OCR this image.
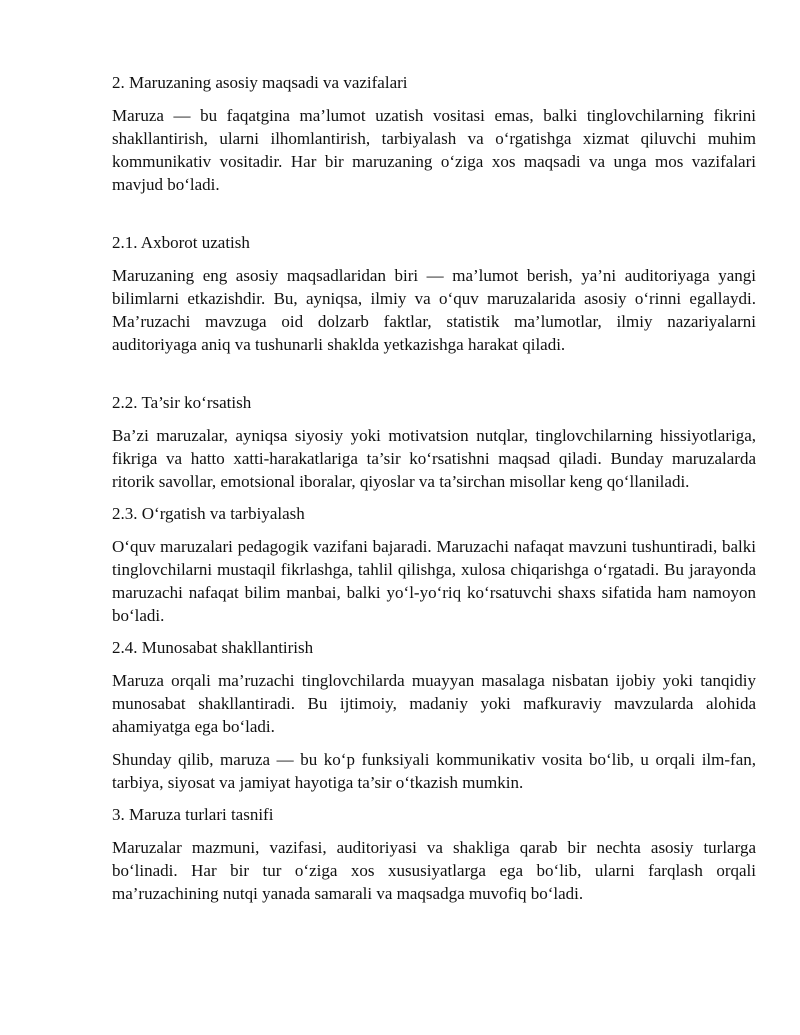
2. Maruzaning asosiy maqsadi va vazifalari

Maruza — bu faqatgina ma’lumot uzatish vositasi emas, balki tinglovchilarning fikrini shakllantirish, ularni ilhomlantirish, tarbiyalash va o‘rgatishga xizmat qiluvchi muhim kommunikativ vositadir. Har bir maruzaning o‘ziga xos maqsadi va unga mos vazifalari mavjud bo‘ladi.

2.1. Axborot uzatish

Maruzaning eng asosiy maqsadlaridan biri — ma’lumot berish, ya’ni auditoriyaga yangi bilimlarni etkazishdir. Bu, ayniqsa, ilmiy va o‘quv maruzalarida asosiy o‘rinni egallaydi. Ma’ruzachi mavzuga oid dolzarb faktlar, statistik ma’lumotlar, ilmiy nazariyalarni auditoriyaga aniq va tushunarli shaklda yetkazishga harakat qiladi.

2.2. Ta’sir ko‘rsatish

Ba’zi maruzalar, ayniqsa siyosiy yoki motivatsion nutqlar, tinglovchilarning hissiyotlariga, fikriga va hatto xatti-harakatlariga ta’sir ko‘rsatishni maqsad qiladi. Bunday maruzalarda ritorik savollar, emotsional iboralar, qiyoslar va ta’sirchan misollar keng qo‘llaniladi.

2.3. O‘rgatish va tarbiyalash

O‘quv maruzalari pedagogik vazifani bajaradi. Maruzachi nafaqat mavzuni tushuntiradi, balki tinglovchilarni mustaqil fikrlashga, tahlil qilishga, xulosa chiqarishga o‘rgatadi. Bu jarayonda maruzachi nafaqat bilim manbai, balki yo‘l-yo‘riq ko‘rsatuvchi shaxs sifatida ham namoyon bo‘ladi.

2.4. Munosabat shakllantirish

Maruza orqali ma’ruzachi tinglovchilarda muayyan masalaga nisbatan ijobiy yoki tanqidiy munosabat shakllantiradi. Bu ijtimoiy, madaniy yoki mafkuraviy mavzularda alohida ahamiyatga ega bo‘ladi.

Shunday qilib, maruza — bu ko‘p funksiyali kommunikativ vosita bo‘lib, u orqali ilm-fan, tarbiya, siyosat va jamiyat hayotiga ta’sir o‘tkazish mumkin.

3. Maruza turlari tasnifi

Maruzalar mazmuni, vazifasi, auditoriyasi va shakliga qarab bir nechta asosiy turlarga bo‘linadi. Har bir tur o‘ziga xos xususiyatlarga ega bo‘lib, ularni farqlash orqali ma’ruzachining nutqi yanada samarali va maqsadga muvofiq bo‘ladi.
